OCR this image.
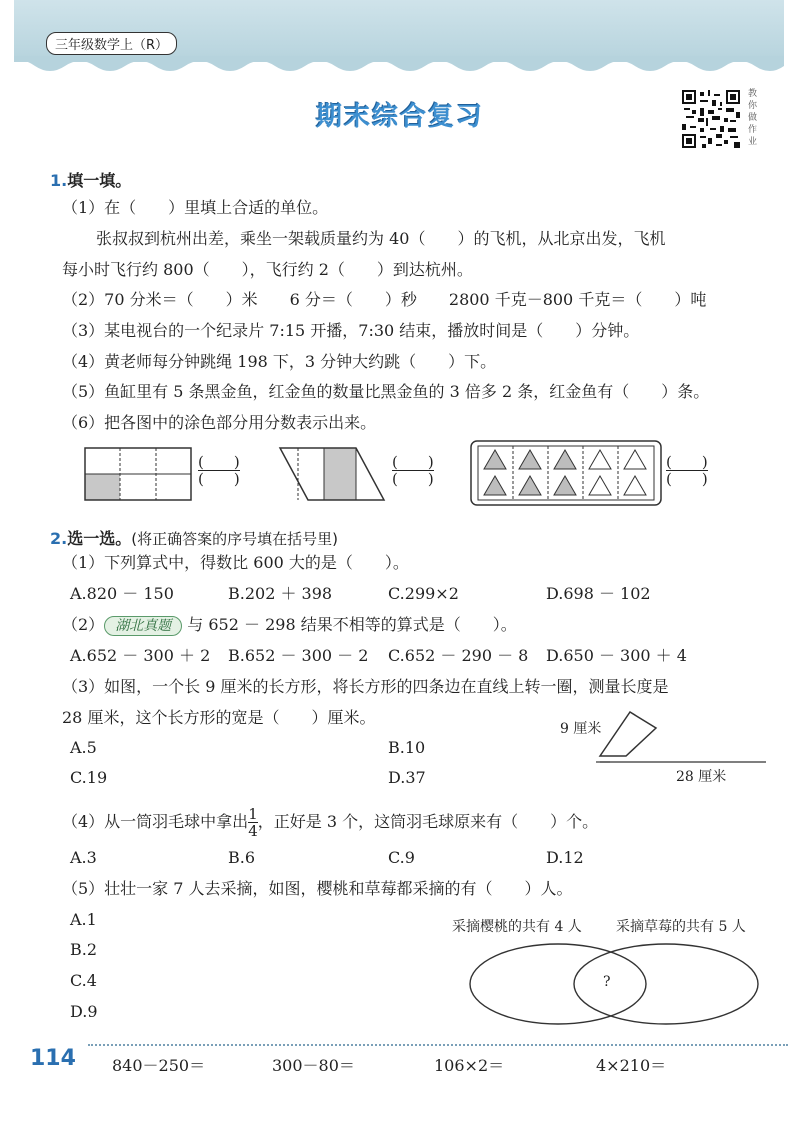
三年级数学上（R）
期末综合复习
教你做作业
1.填一填。
（1）在（　　）里填上合适的单位。
张叔叔到杭州出差，乘坐一架载质量约为 40（　　）的飞机，从北京出发，飞机
每小时飞行约 800（　　），飞行约 2（　　）到达杭州。
（2）70 分米＝（　　）米　　6 分＝（　　）秒　　2800 千克－800 千克＝（　　）吨
（3）某电视台的一个纪录片 7:15 开播，7:30 结束，播放时间是（　　）分钟。
（4）黄老师每分钟跳绳 198 下，3 分钟大约跳（　　）下。
（5）鱼缸里有 5 条黑金鱼，红金鱼的数量比黑金鱼的 3 倍多 2 条，红金鱼有（　　）条。
（6）把各图中的涂色部分用分数表示出来。
$\frac{( )}{( )}$	$\frac{( )}{( )}$	$\frac{( )}{( )}$
2.选一选。(将正确答案的序号填在括号里)
（1）下列算式中，得数比 600 大的是（　　）。
A.820 － 150	B.202 ＋ 398	C.299×2	D.698 － 102
（2） 湖北真题 与 652 － 298 结果不相等的算式是（　　）。
A.652 － 300 ＋ 2 B.652 － 300 － 2 C.652 － 290 － 8 D.650 － 300 ＋ 4
（3）如图，一个长 9 厘米的长方形，将长方形的四条边在直线上转一圈，测量长度是
28 厘米，这个长方形的宽是（　　）厘米。
A.5	B.10
C.19	D.37
9 厘米
28 厘米
（4）从一筒羽毛球中拿出$\frac{1}{4}$ ，正好是 3 个，这筒羽毛球原来有（　　）个。
A.3	B.6	C.9	D.12
（5）壮壮一家 7 人去采摘，如图，樱桃和草莓都采摘的有（　　）人。
A.1
B.2
C.4
D.9
采摘樱桃的共有 4 人 采摘草莓的共有 5 人
?
114 840－250＝	300－80＝	106×2＝	4×210＝
